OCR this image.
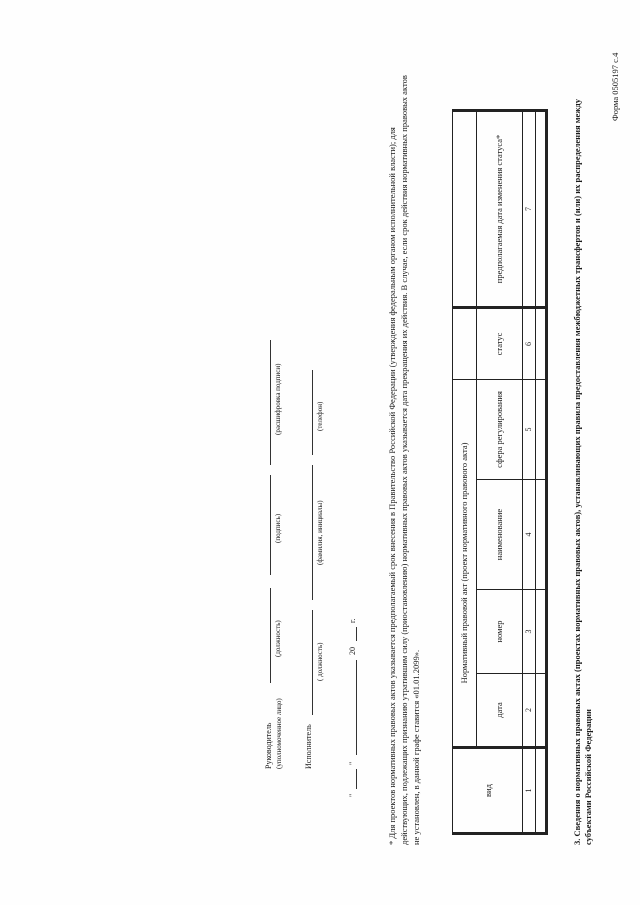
Форма 0505197 с.4
3. Сведения о нормативных правовых актах (проектах нормативных правовых актов), устанавливающих правила предоставления межбюджетных трансфертов и (или) их распределения между субъектами Российской Федерации
вид	Нормативный правовой акт (проект нормативного правового акта)					
	дата	номер	наименование	сфера регулирования	статус	предполагаемая дата изменения статуса*
1	2	3	4	5	6	7

* Для проектов нормативных правовых актов указывается предполагаемый срок внесения в Правительство Российской Федерации (утверждения федеральным органом исполнительной власти); для действующих, подлежащих признанию утратившим силу (приостановлению) нормативных правовых актов указывается дата прекращения их действия. В случае, если срок действия нормативных правовых актов не установлен, в данной графе ставится «01.01.2099».
Руководитель (уполномоченное лицо)
(должность)
(подпись)
(расшифровка подписи)
Исполнитель
( должность)
(фамилия, инициалы)
(телефон)
"
"
20
г.
